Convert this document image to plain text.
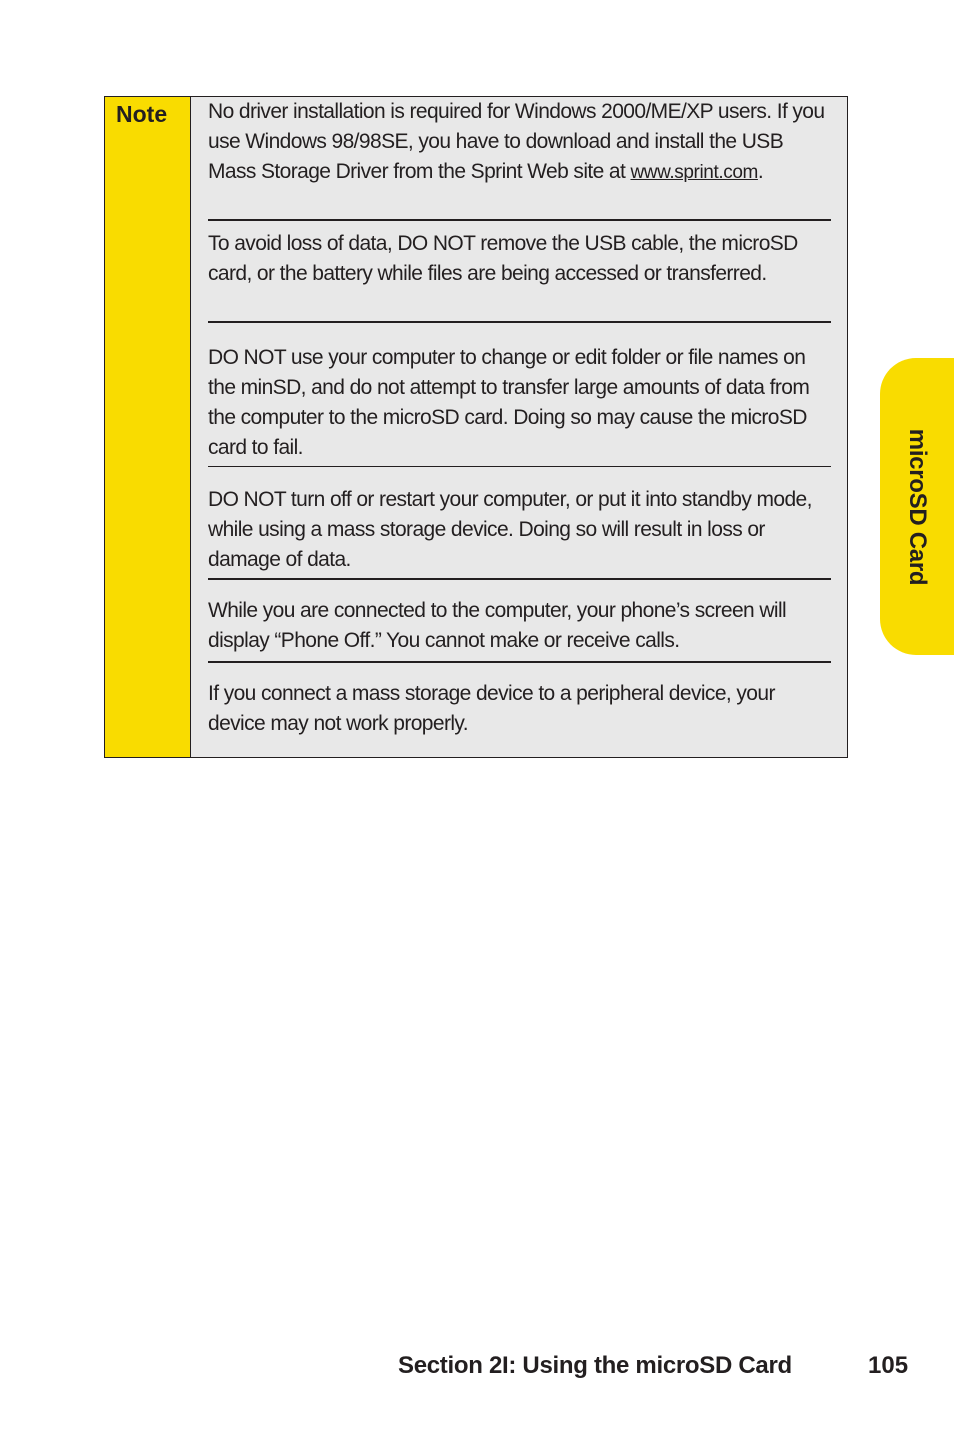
Note	No driver installation is required for Windows 2000/ME/XP users. If you use Windows 98/98SE, you have to download and install the USB Mass Storage Driver from the Sprint Web site at www.sprint.com.
To avoid loss of data, DO NOT remove the USB cable, the microSD card, or the battery while files are being accessed or transferred.
DO NOT use your computer to change or edit folder or file names on the minSD, and do not attempt to transfer large amounts of data from the computer to the microSD card. Doing so may cause the microSD card to fail.
DO NOT turn off or restart your computer, or put it into standby mode, while using a mass storage device. Doing so will result in loss or damage of data.
While you are connected to the computer, your phone’s screen will display “Phone Off.” You cannot make or receive calls.
If you connect a mass storage device to a peripheral device, your device may not work properly.
microSD Card
Section 2I: Using the microSD Card	105
